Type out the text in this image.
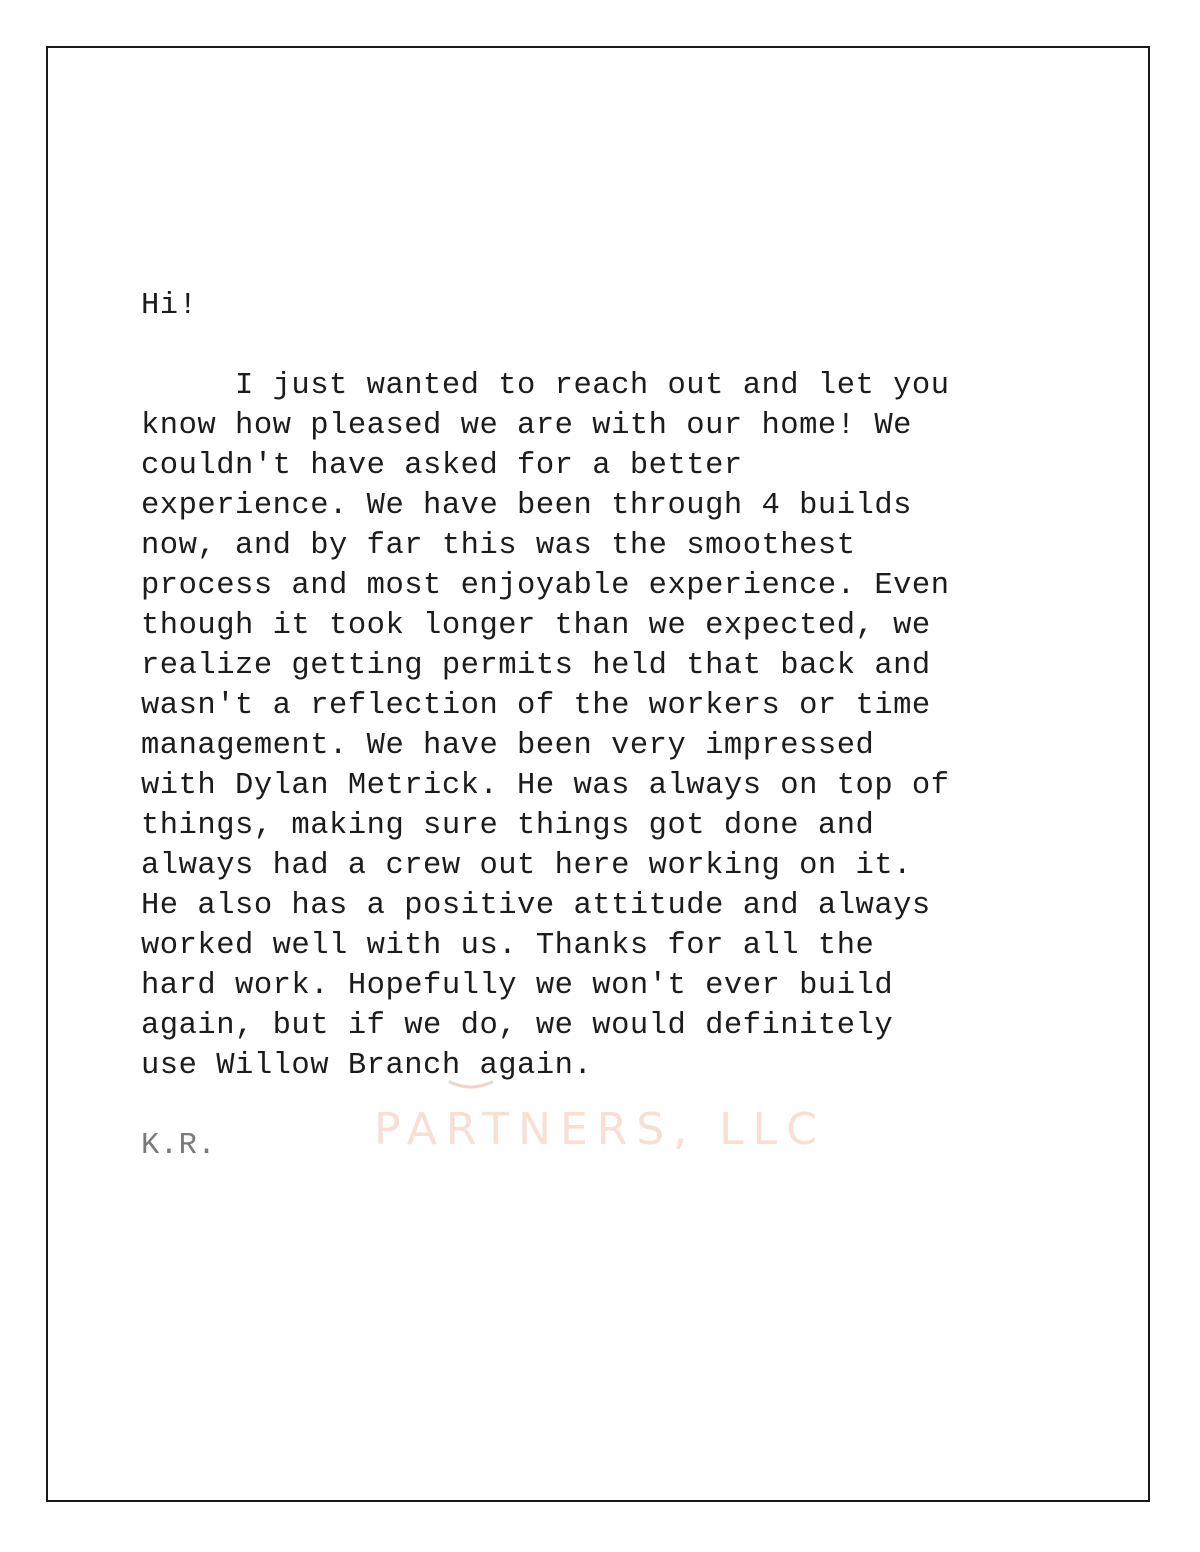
PARTNERS, LLC

Hi!

I just wanted to reach out and let you
know how pleased we are with our home! We
couldn't have asked for a better
experience. We have been through 4 builds
now, and by far this was the smoothest
process and most enjoyable experience. Even
though it took longer than we expected, we
realize getting permits held that back and
wasn't a reflection of the workers or time
management. We have been very impressed
with Dylan Metrick. He was always on top of
things, making sure things got done and
always had a crew out here working on it.
He also has a positive attitude and always
worked well with us. Thanks for all the
hard work. Hopefully we won't ever build
again, but if we do, we would definitely
use Willow Branch again.

K.R.
